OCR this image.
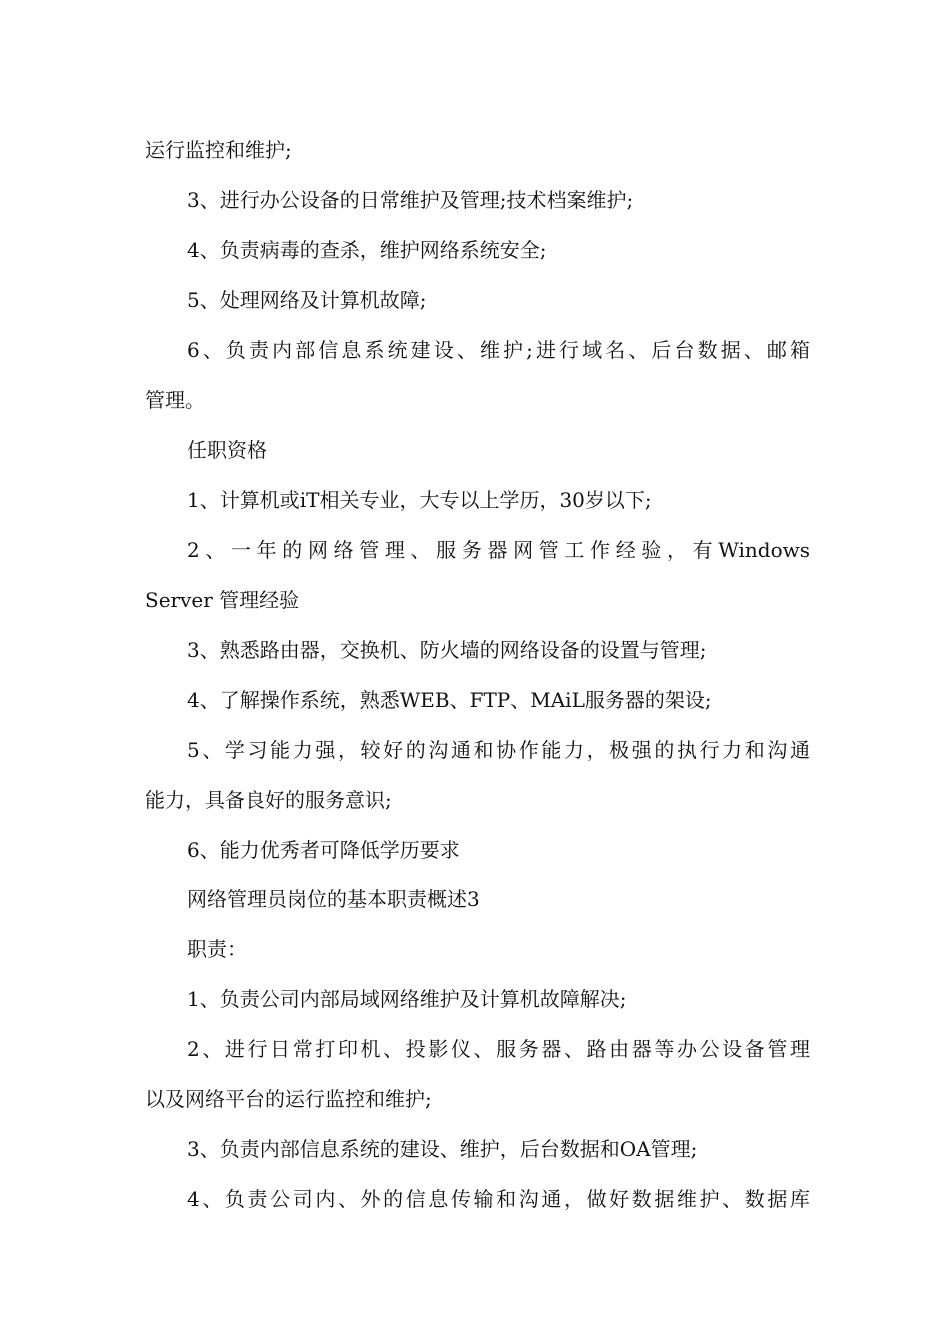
运行监控和维护;
3、进行办公设备的日常维护及管理;技术档案维护;
4、负责病毒的查杀，维护网络系统安全;
5、处理网络及计算机故障;
6、负责内部信息系统建设、维护;进行域名、后台数据、邮箱
管理。
任职资格
1、计算机或iT相关专业，大专以上学历，30岁以下;
2、一年的网络管理、服务器网管工作经验，有Windows
Server 管理经验
3、熟悉路由器，交换机、防火墙的网络设备的设置与管理;
4、了解操作系统，熟悉WEB、FTP、MAiL服务器的架设;
5、学习能力强，较好的沟通和协作能力，极强的执行力和沟通
能力，具备良好的服务意识;
6、能力优秀者可降低学历要求
网络管理员岗位的基本职责概述3
职责：
1、负责公司内部局域网络维护及计算机故障解决;
2、进行日常打印机、投影仪、服务器、路由器等办公设备管理
以及网络平台的运行监控和维护;
3、负责内部信息系统的建设、维护，后台数据和OA管理;
4、负责公司内、外的信息传输和沟通，做好数据维护、数据库
